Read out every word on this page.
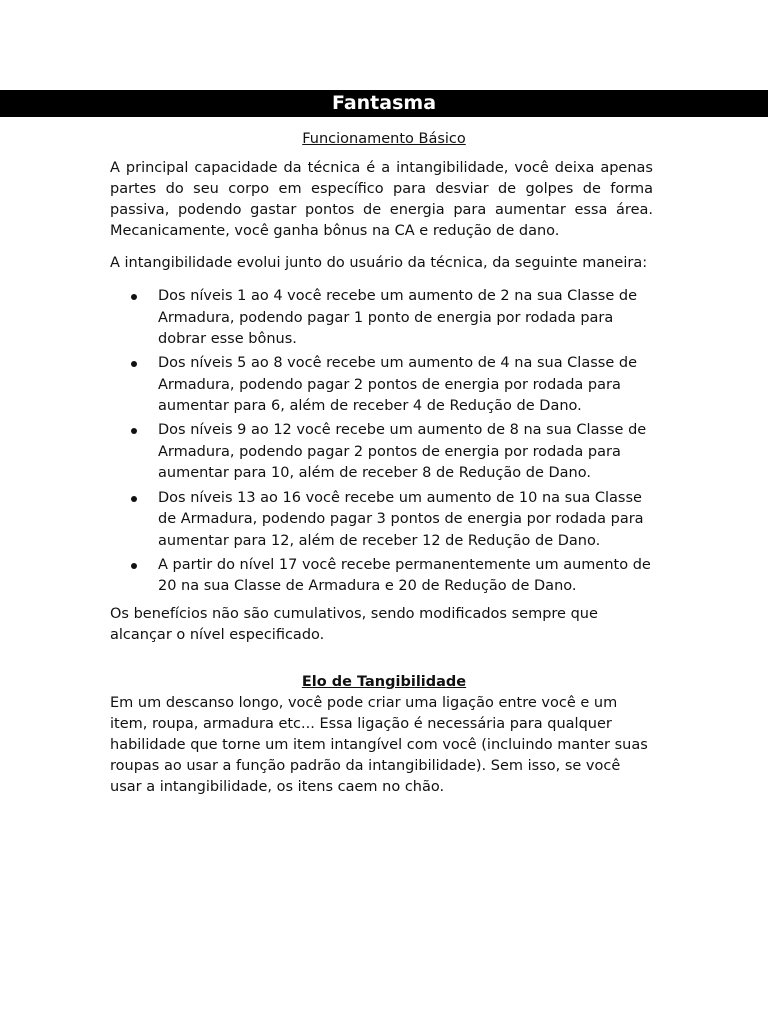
Fantasma
Funcionamento Básico

A principal capacidade da técnica é a intangibilidade, você deixa apenas
partes do seu corpo em específico para desviar de golpes de forma
passiva, podendo gastar pontos de energia para aumentar essa área.
Mecanicamente, você ganha bônus na CA e redução de dano.

A intangibilidade evolui junto do usuário da técnica, da seguinte maneira:

Dos níveis 1 ao 4 você recebe um aumento de 2 na sua Classe de
Armadura, podendo pagar 1 ponto de energia por rodada para
dobrar esse bônus.
Dos níveis 5 ao 8 você recebe um aumento de 4 na sua Classe de
Armadura, podendo pagar 2 pontos de energia por rodada para
aumentar para 6, além de receber 4 de Redução de Dano.
Dos níveis 9 ao 12 você recebe um aumento de 8 na sua Classe de
Armadura, podendo pagar 2 pontos de energia por rodada para
aumentar para 10, além de receber 8 de Redução de Dano.
Dos níveis 13 ao 16 você recebe um aumento de 10 na sua Classe
de Armadura, podendo pagar 3 pontos de energia por rodada para
aumentar para 12, além de receber 12 de Redução de Dano.
A partir do nível 17 você recebe permanentemente um aumento de
20 na sua Classe de Armadura e 20 de Redução de Dano.

Os benefícios não são cumulativos, sendo modificados sempre que
alcançar o nível especificado.

Elo de Tangibilidade

Em um descanso longo, você pode criar uma ligação entre você e um
item, roupa, armadura etc... Essa ligação é necessária para qualquer
habilidade que torne um item intangível com você (incluindo manter suas
roupas ao usar a função padrão da intangibilidade). Sem isso, se você
usar a intangibilidade, os itens caem no chão.
